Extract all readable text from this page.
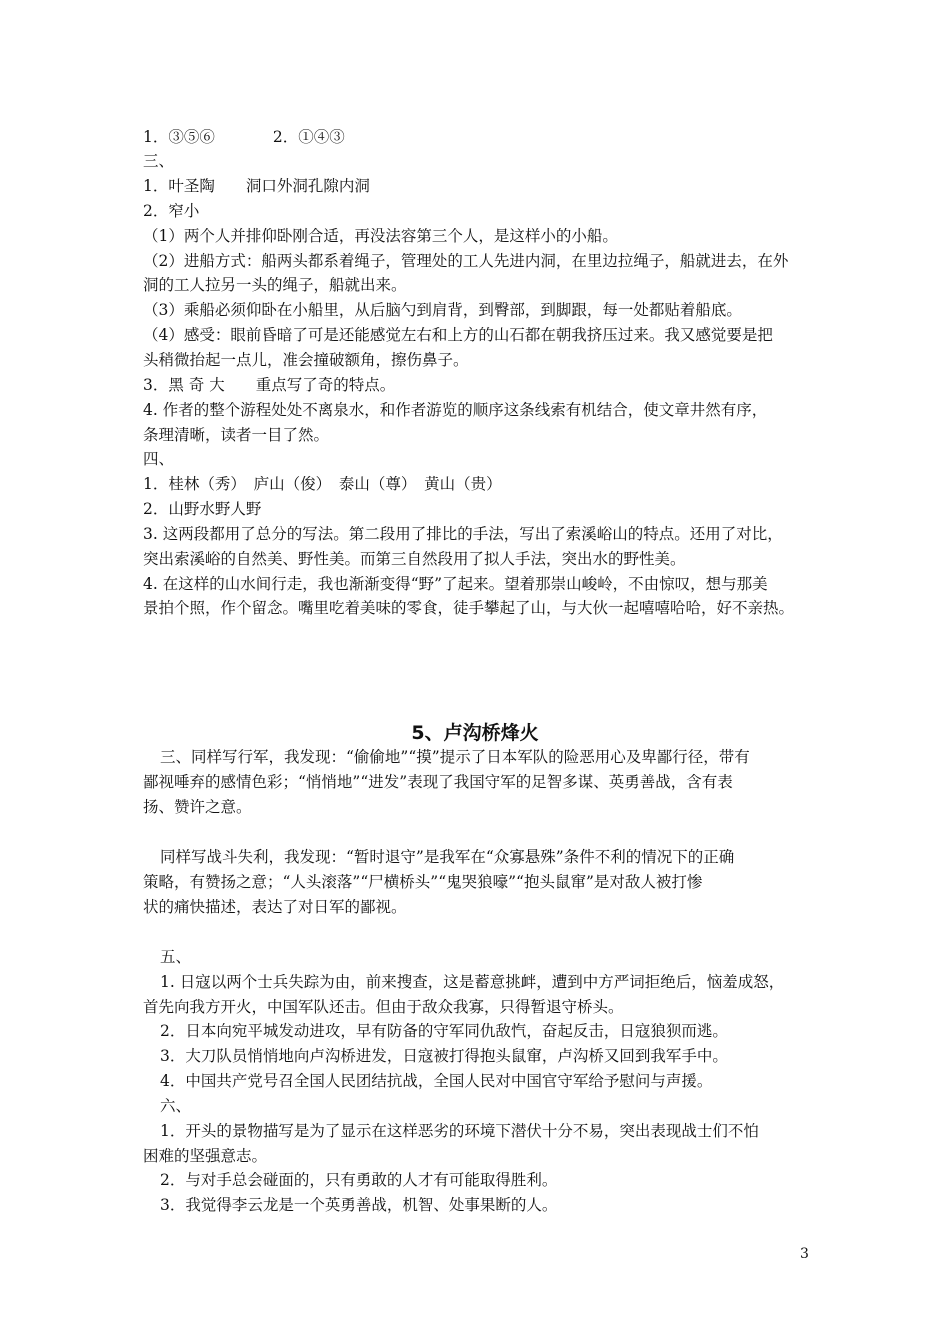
1．③⑤⑥	2．①④③
三、
1．叶圣陶　　洞口外洞孔隙内洞
2．窄小
（1）两个人并排仰卧刚合适，再没法容第三个人，是这样小的小船。
（2）进船方式：船两头都系着绳子，管理处的工人先进内洞，在里边拉绳子，船就进去，在外
洞的工人拉另一头的绳子，船就出来。
（3）乘船必须仰卧在小船里，从后脑勺到肩背，到臀部，到脚跟，每一处都贴着船底。
（4）感受：眼前昏暗了可是还能感觉左右和上方的山石都在朝我挤压过来。我又感觉要是把
头稍微抬起一点儿，准会撞破额角，擦伤鼻子。
3．黑 奇 大　　重点写了奇的特点。
4. 作者的整个游程处处不离泉水，和作者游览的顺序这条线索有机结合，使文章井然有序，
条理清晰，读者一目了然。
四、
1．桂林（秀）　庐山（俊）　泰山（尊）　黄山（贵）
2．山野水野人野
3. 这两段都用了总分的写法。第二段用了排比的手法，写出了索溪峪山的特点。还用了对比，
突出索溪峪的自然美、野性美。而第三自然段用了拟人手法，突出水的野性美。
4. 在这样的山水间行走，我也渐渐变得“野”了起来。望着那崇山峻岭，不由惊叹，想与那美
景拍个照，作个留念。嘴里吃着美味的零食，徒手攀起了山，与大伙一起嘻嘻哈哈，好不亲热。
5、卢沟桥烽火
三、同样写行军，我发现：“偷偷地”“摸”提示了日本军队的险恶用心及卑鄙行径，带有
鄙视唾弃的感情色彩；“悄悄地”“进发”表现了我国守军的足智多谋、英勇善战，含有表
扬、赞许之意。
同样写战斗失利，我发现：“暂时退守”是我军在“众寡悬殊”条件不利的情况下的正确
策略，有赞扬之意；“人头滚落”“尸横桥头”“鬼哭狼嚎”“抱头鼠窜”是对敌人被打惨
状的痛快描述，表达了对日军的鄙视。
五、
1. 日寇以两个士兵失踪为由，前来搜查，这是蓄意挑衅，遭到中方严词拒绝后，恼羞成怒，
首先向我方开火，中国军队还击。但由于敌众我寡，只得暂退守桥头。
2．日本向宛平城发动进攻，早有防备的守军同仇敌忾，奋起反击，日寇狼狈而逃。
3．大刀队员悄悄地向卢沟桥进发，日寇被打得抱头鼠窜，卢沟桥又回到我军手中。
4．中国共产党号召全国人民团结抗战，全国人民对中国官守军给予慰问与声援。
六、
1．开头的景物描写是为了显示在这样恶劣的环境下潜伏十分不易，突出表现战士们不怕
困难的坚强意志。
2．与对手总会碰面的，只有勇敢的人才有可能取得胜利。
3．我觉得李云龙是一个英勇善战，机智、处事果断的人。
3
